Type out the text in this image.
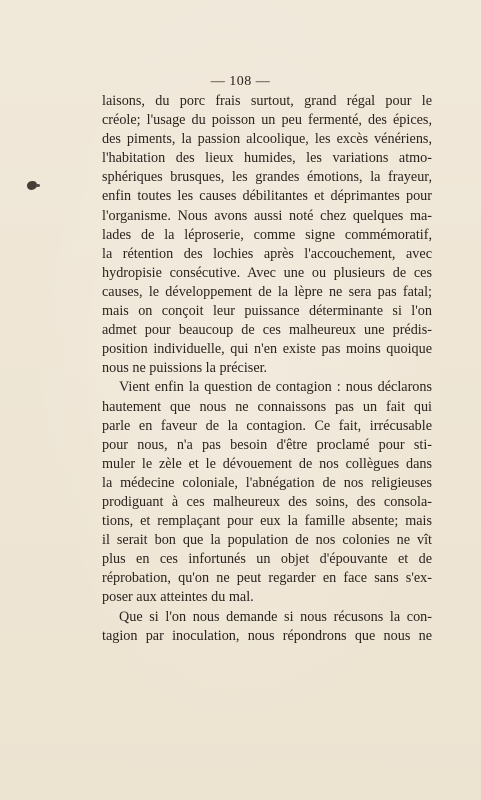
— 108 —
laisons, du porc frais surtout, grand régal pour le
créole; l'usage du poisson un peu fermenté, des épices,
des piments, la passion alcoolique, les excès vénériens,
l'habitation des lieux humides, les variations atmo-
sphériques brusques, les grandes émotions, la frayeur,
enfin toutes les causes débilitantes et déprimantes pour
l'organisme. Nous avons aussi noté chez quelques ma-
lades de la léproserie, comme signe commémoratif,
la rétention des lochies après l'accouchement, avec
hydropisie consécutive. Avec une ou plusieurs de ces
causes, le développement de la lèpre ne sera pas fatal;
mais on conçoit leur puissance déterminante si l'on
admet pour beaucoup de ces malheureux une prédis-
position individuelle, qui n'en existe pas moins quoique
nous ne puissions la préciser.
Vient enfin la question de contagion : nous déclarons
hautement que nous ne connaissons pas un fait qui
parle en faveur de la contagion. Ce fait, irrécusable
pour nous, n'a pas besoin d'être proclamé pour sti-
muler le zèle et le dévouement de nos collègues dans
la médecine coloniale, l'abnégation de nos religieuses
prodiguant à ces malheureux des soins, des consola-
tions, et remplaçant pour eux la famille absente; mais
il serait bon que la population de nos colonies ne vît
plus en ces infortunés un objet d'épouvante et de
réprobation, qu'on ne peut regarder en face sans s'ex-
poser aux atteintes du mal.
Que si l'on nous demande si nous récusons la con-
tagion par inoculation, nous répondrons que nous ne
